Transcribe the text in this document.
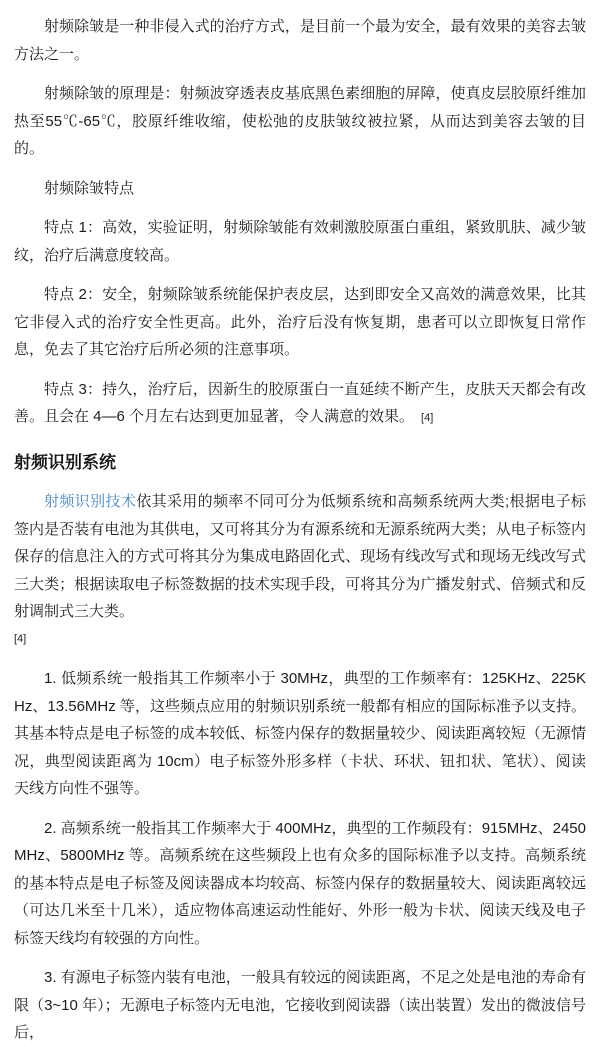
射频除皱是一种非侵入式的治疗方式，是目前一个最为安全，最有效果的美容去皱方法之一。

射频除皱的原理是：射频波穿透表皮基底黑色素细胞的屏障，使真皮层胶原纤维加热至55℃-65℃，胶原纤维收缩，使松弛的皮肤皱纹被拉紧，从而达到美容去皱的目的。

射频除皱特点

特点 1：高效，实验证明，射频除皱能有效刺激胶原蛋白重组，紧致肌肤、减少皱纹，治疗后满意度较高。

特点 2：安全，射频除皱系统能保护表皮层，达到即安全又高效的满意效果，比其它非侵入式的治疗安全性更高。此外，治疗后没有恢复期，患者可以立即恢复日常作息，免去了其它治疗后所必须的注意事项。

特点 3：持久，治疗后，因新生的胶原蛋白一直延续不断产生，皮肤天天都会有改善。且会在 4—6 个月左右达到更加显著，令人满意的效果。 [4]

射频识别系统

射频识别技术依其采用的频率不同可分为低频系统和高频系统两大类;根据电子标签内是否装有电池为其供电，又可将其分为有源系统和无源系统两大类；从电子标签内保存的信息注入的方式可将其分为集成电路固化式、现场有线改写式和现场无线改写式三大类；根据读取电子标签数据的技术实现手段，可将其分为广播发射式、倍频式和反射调制式三大类。
[4]

1. 低频系统一般指其工作频率小于 30MHz，典型的工作频率有：125KHz、225KHz、13.56MHz 等，这些频点应用的射频识别系统一般都有相应的国际标准予以支持。其基本特点是电子标签的成本较低、标签内保存的数据量较少、阅读距离较短（无源情况，典型阅读距离为 10cm）电子标签外形多样（卡状、环状、钮扣状、笔状）、阅读天线方向性不强等。

2. 高频系统一般指其工作频率大于 400MHz，典型的工作频段有：915MHz、2450MHz、5800MHz 等。高频系统在这些频段上也有众多的国际标准予以支持。高频系统的基本特点是电子标签及阅读器成本均较高、标签内保存的数据量较大、阅读距离较远（可达几米至十几米），适应物体高速运动性能好、外形一般为卡状、阅读天线及电子标签天线均有较强的方向性。

3. 有源电子标签内装有电池，一般具有较远的阅读距离，不足之处是电池的寿命有限（3~10 年）；无源电子标签内无电池，它接收到阅读器（读出装置）发出的微波信号后，
